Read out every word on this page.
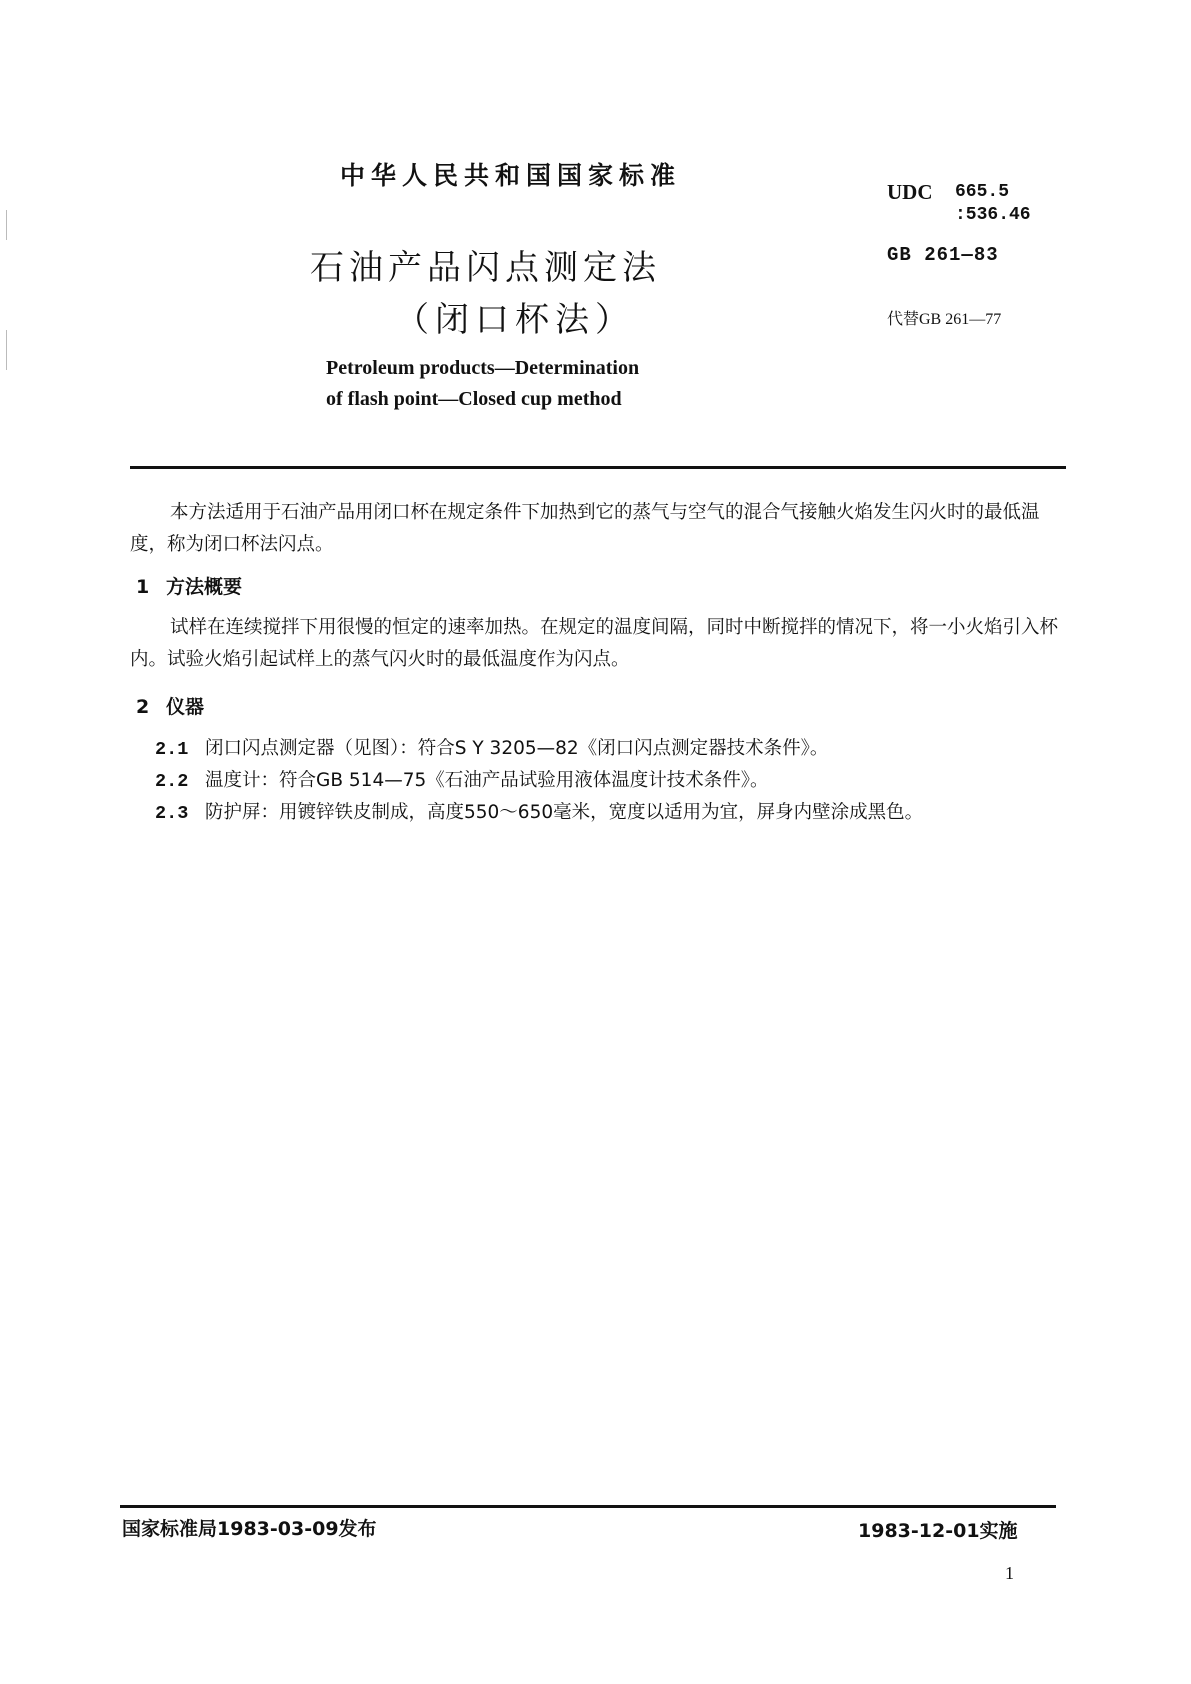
中华人民共和国国家标准
UDC 665.5
:536.46
GB 261—83
代替GB 261—77
石油产品闪点测定法
（闭口杯法）
Petroleum products—Determination
of flash point—Closed cup method
本方法适用于石油产品用闭口杯在规定条件下加热到它的蒸气与空气的混合气接触火焰发生闪火时的最低温度，称为闭口杯法闪点。
1 方法概要
试样在连续搅拌下用很慢的恒定的速率加热。在规定的温度间隔，同时中断搅拌的情况下，将一小火焰引入杯内。试验火焰引起试样上的蒸气闪火时的最低温度作为闪点。
2 仪器
2.1 闭口闪点测定器（见图）：符合S Y 3205—82《闭口闪点测定器技术条件》。
2.2 温度计：符合GB 514—75《石油产品试验用液体温度计技术条件》。
2.3 防护屏：用镀锌铁皮制成，高度550～650毫米，宽度以适用为宜，屏身内壁涂成黑色。
国家标准局1983-03-09发布	1983-12-01实施
1
